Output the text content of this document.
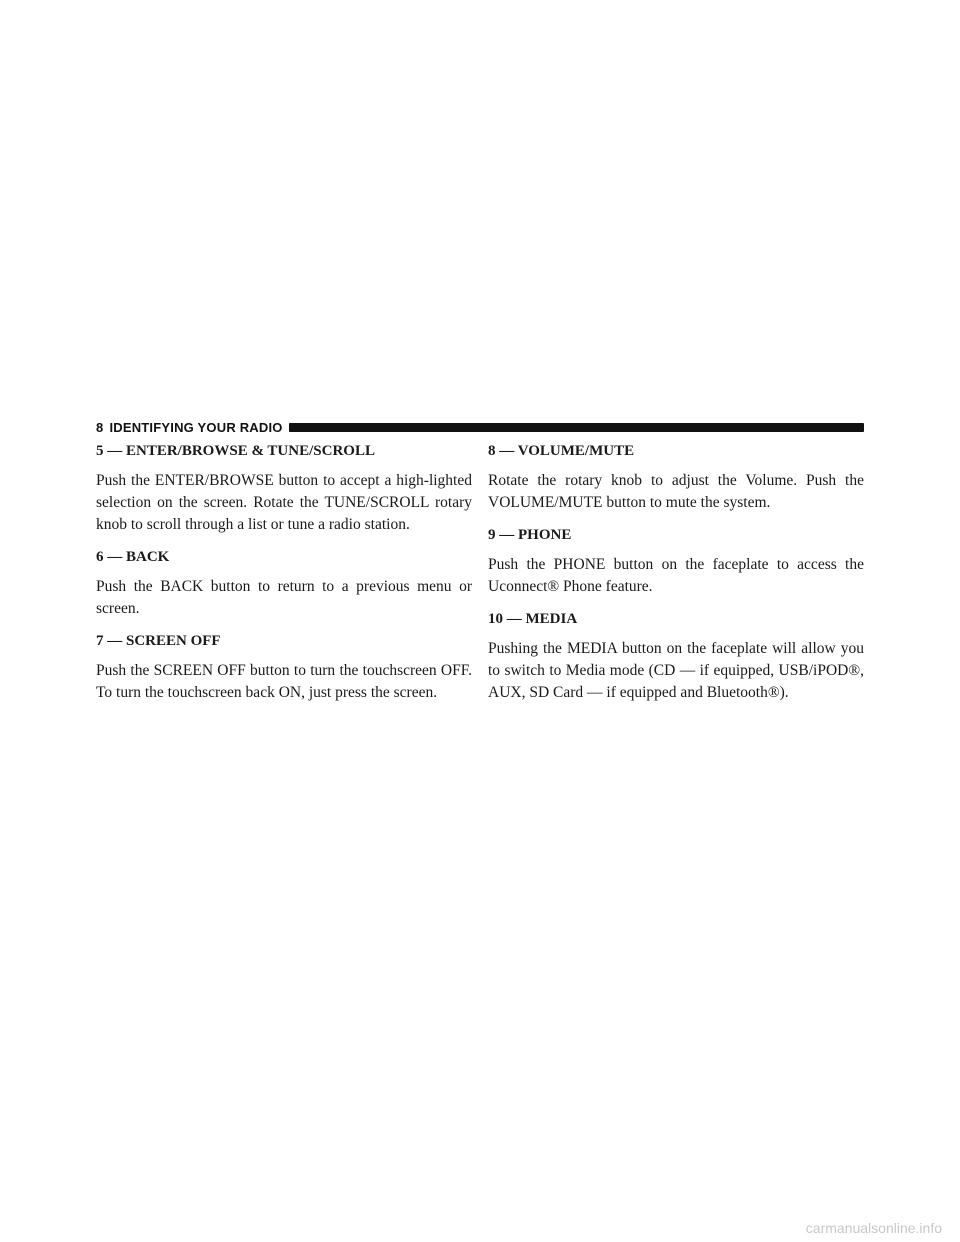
8 IDENTIFYING YOUR RADIO

5 — ENTER/BROWSE & TUNE/SCROLL

Push the ENTER/BROWSE button to accept a high-lighted selection on the screen. Rotate the TUNE/SCROLL rotary knob to scroll through a list or tune a radio station.

6 — BACK

Push the BACK button to return to a previous menu or screen.

7 — SCREEN OFF

Push the SCREEN OFF button to turn the touchscreen OFF. To turn the touchscreen back ON, just press the screen.

8 — VOLUME/MUTE

Rotate the rotary knob to adjust the Volume. Push the VOLUME/MUTE button to mute the system.

9 — PHONE

Push the PHONE button on the faceplate to access the Uconnect® Phone feature.

10 — MEDIA

Pushing the MEDIA button on the faceplate will allow you to switch to Media mode (CD — if equipped, USB/iPOD®, AUX, SD Card — if equipped and Bluetooth®).

carmanualsonline.info
